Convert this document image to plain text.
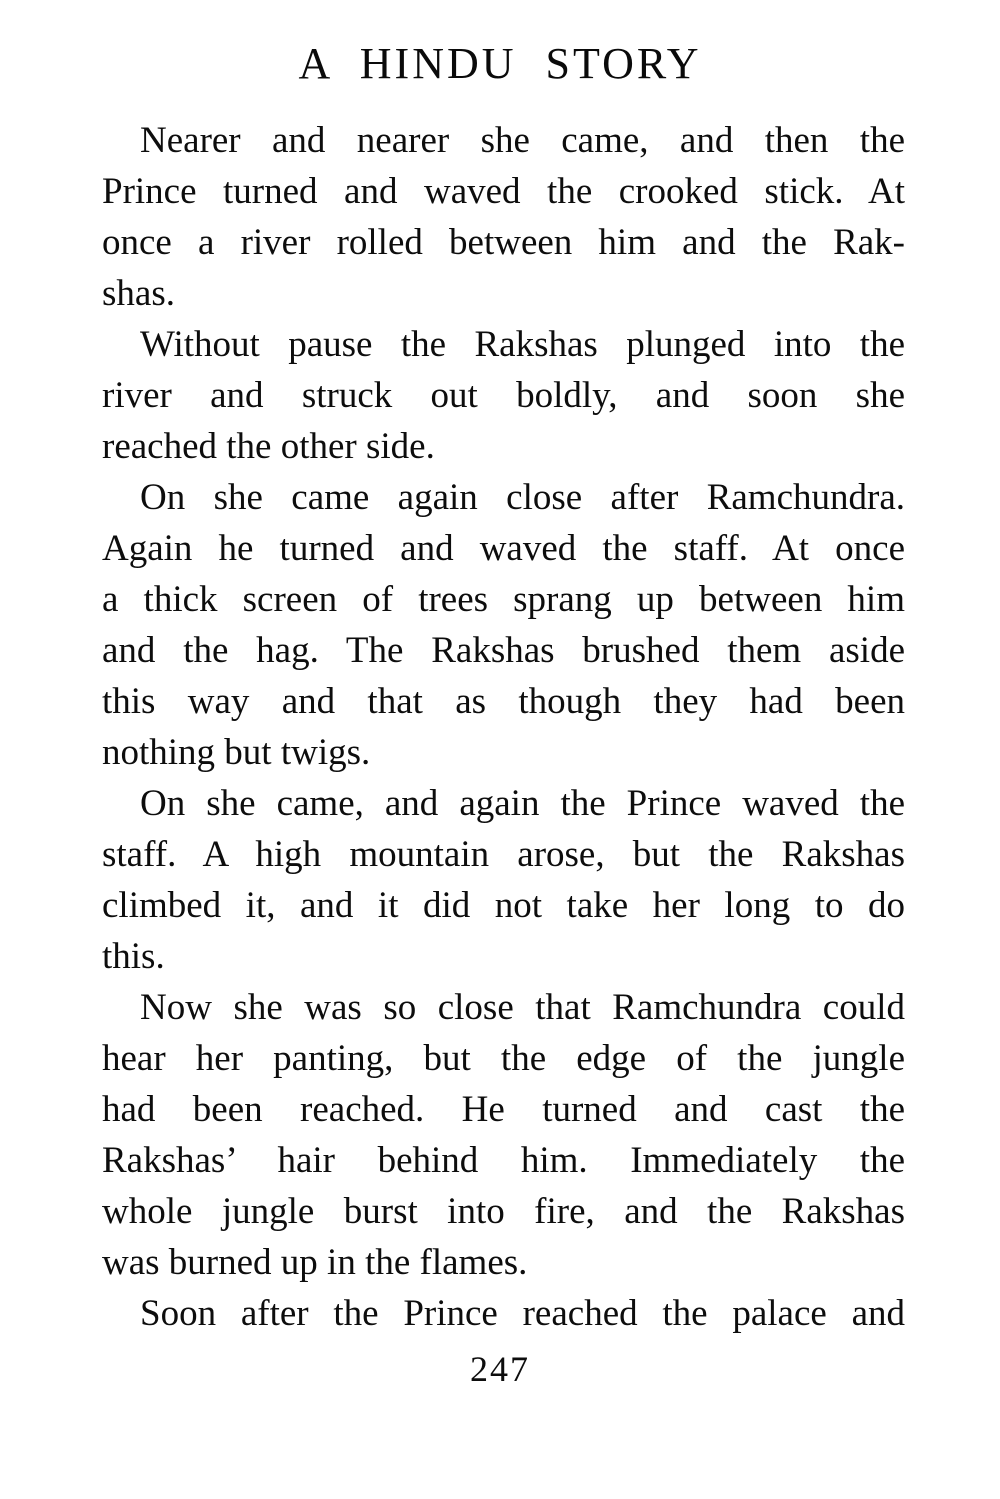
A HINDU STORY
Nearer and nearer she came, and then the
Prince turned and waved the crooked stick. At
once a river rolled between him and the Rak-
shas.
Without pause the Rakshas plunged into the
river and struck out boldly, and soon she
reached the other side.
On she came again close after Ramchundra.
Again he turned and waved the staff. At once
a thick screen of trees sprang up between him
and the hag. The Rakshas brushed them aside
this way and that as though they had been
nothing but twigs.
On she came, and again the Prince waved the
staff. A high mountain arose, but the Rakshas
climbed it, and it did not take her long to do
this.
Now she was so close that Ramchundra could
hear her panting, but the edge of the jungle
had been reached. He turned and cast the
Rakshas’ hair behind him. Immediately the
whole jungle burst into fire, and the Rakshas
was burned up in the flames.
Soon after the Prince reached the palace and
247
